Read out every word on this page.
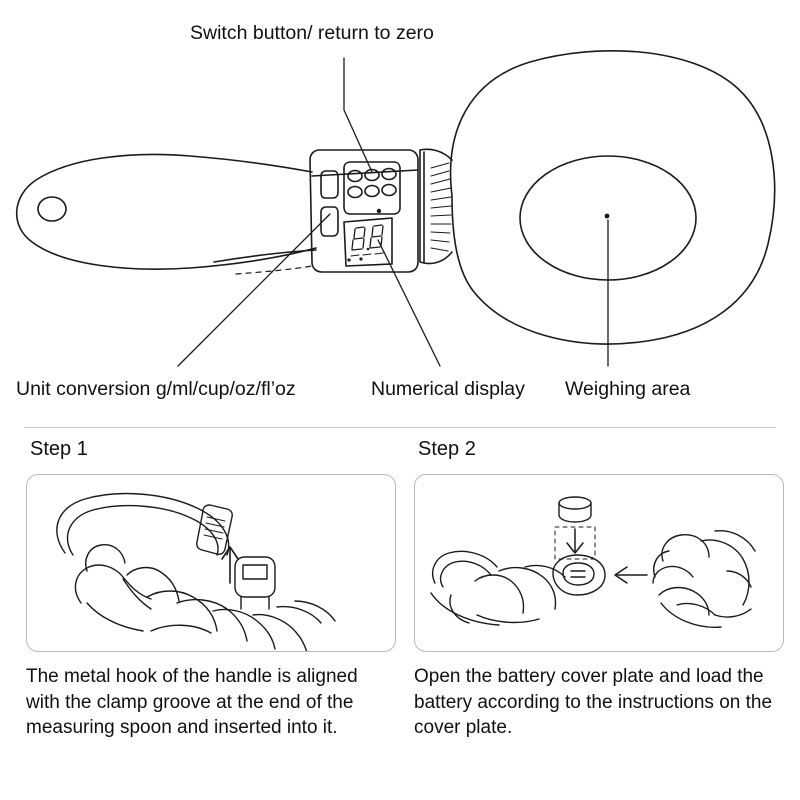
Switch button/ return to zero
Unit conversion g/ml/cup/oz/fl’oz	Numerical display Weighing area
Step 1
The metal hook of the handle is aligned with the clamp groove at the end of the measuring spoon and inserted into it.
Step 2
Open the battery cover plate and load the battery according to the instructions on the cover plate.
